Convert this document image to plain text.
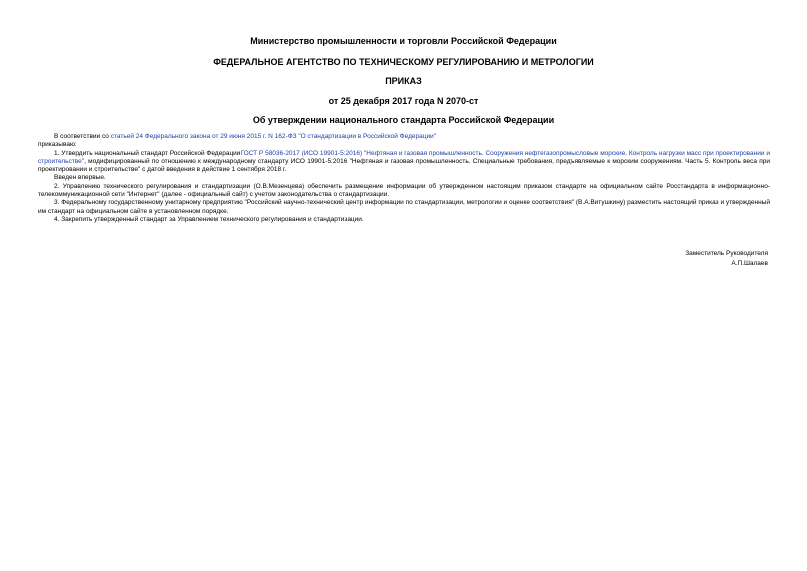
Министерство промышленности и торговли Российской Федерации
ФЕДЕРАЛЬНОЕ АГЕНТСТВО ПО ТЕХНИЧЕСКОМУ РЕГУЛИРОВАНИЮ И МЕТРОЛОГИИ
ПРИКАЗ
от 25 декабря 2017 года N 2070-ст
Об утверждении национального стандарта Российской Федерации

В соответствии со статьей 24 Федерального закона от 29 июня 2015 г. N 162-ФЗ "О стандартизации в Российской Федерации"

приказываю:

1. Утвердить национальный стандарт Российской ФедерацииГОСТ Р 58036-2017 (ИСО 19901-5:2016) "Нефтяная и газовая промышленность. Сооружения нефтегазопромысловые морские. Контроль нагрузки масс при проектировании и строительстве", модифицированный по отношению к международному стандарту ИСО 19901-5:2016 "Нефтяная и газовая промышленность. Специальные требования, предъявляемые к морским сооружениям. Часть 5. Контроль веса при проектировании и строительстве" с датой введения в действие 1 сентября 2018 г.

Введен впервые.

2. Управлению технического регулирования и стандартизации (О.В.Мезенцева) обеспечить размещение информации об утвержденном настоящим приказом стандарте на официальном сайте Росстандарта в информационно-телекоммуникационной сети "Интернет" (далее - официальный сайт) с учетом законодательства о стандартизации.

3. Федеральному государственному унитарному предприятию "Российский научно-технический центр информации по стандартизации, метрологии и оценке соответствия" (В.А.Витушкину) разместить настоящий приказ и утвержденный им стандарт на официальном сайте в установленном порядке.

4. Закрепить утвержденный стандарт за Управлением технического регулирования и стандартизации.

Заместитель Руководителя
А.П.Шалаев
